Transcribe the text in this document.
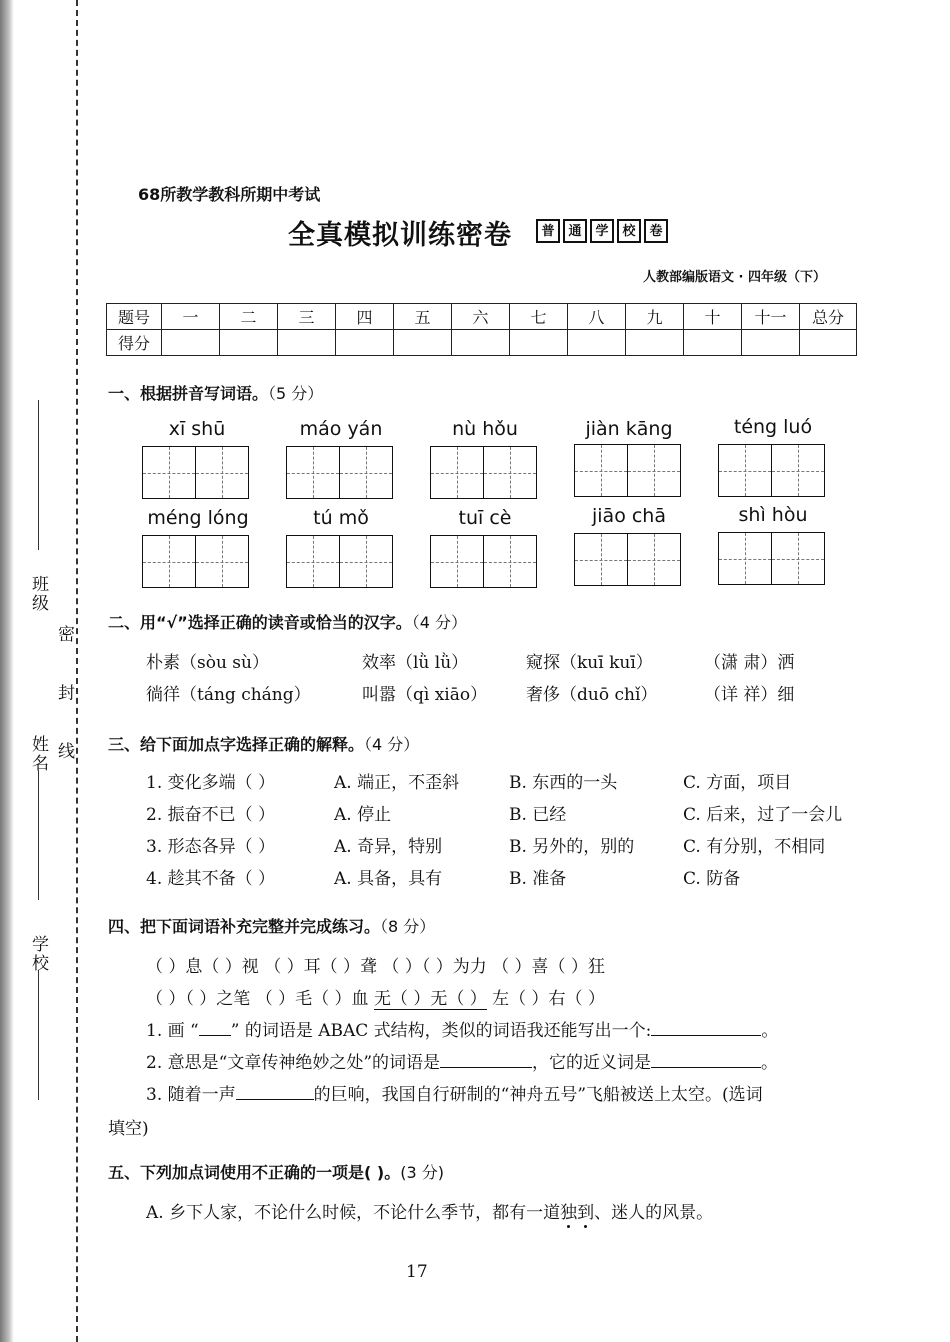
班级
姓名
学校
密 封 线
68所教学教科所期中考试
全真模拟训练密卷	普	通	学	校	卷
人教部编版语文 · 四年级（下）
题号	一	二	三	四	五	六	七	八	九	十	十一	总分
得分												
一、根据拼音写词语。（5 分）
xī shū	máo yán	nù hǒu	jiàn kāng	téng luó
méng lóng	tú mǒ	tuī cè	jiāo chā	shì hòu
二、用“√”选择正确的读音或恰当的汉字。（4 分）
朴素（sòu sù）	效率（lǜ lǜ）	窥探（kuī kuī）	（潇 肃）洒
徜徉（táng cháng）	叫嚣（qì xiāo） 奢侈（duō chǐ）	（详 祥）细
三、给下面加点字选择正确的解释。（4 分）
1. 变化多端（ ）	A. 端正，不歪斜	B. 东西的一头	C. 方面，项目
2. 振奋不已（ ）	A. 停止	B. 已经	C. 后来，过了一会儿
3. 形态各异（ ）	A. 奇异，特别	B. 另外的，别的	C. 有分别，不相同
4. 趁其不备（ ）	A. 具备，具有	B. 准备	C. 防备
四、把下面词语补充完整并完成练习。（8 分）
（ ）息（ ）视 （ ）耳（ ）聋 （ ）（ ）为力 （ ）喜（ ）狂
（ ）（ ）之笔 （ ）毛（ ）血 无（ ）无（ ） 左（ ）右（ ）
1. 画 “ ” 的词语是 ABAC 式结构，类似的词语我还能写出一个:	。
2. 意思是“文章传神绝妙之处”的词语是	，它的近义词是	。
3. 随着一声	的巨响，我国自行研制的“神舟五号”飞船被送上太空。(选词
填空)
五、下列加点词使用不正确的一项是( )。(3 分)
A. 乡下人家，不论什么时候，不论什么季节，都有一道独到、迷人的风景。
17
